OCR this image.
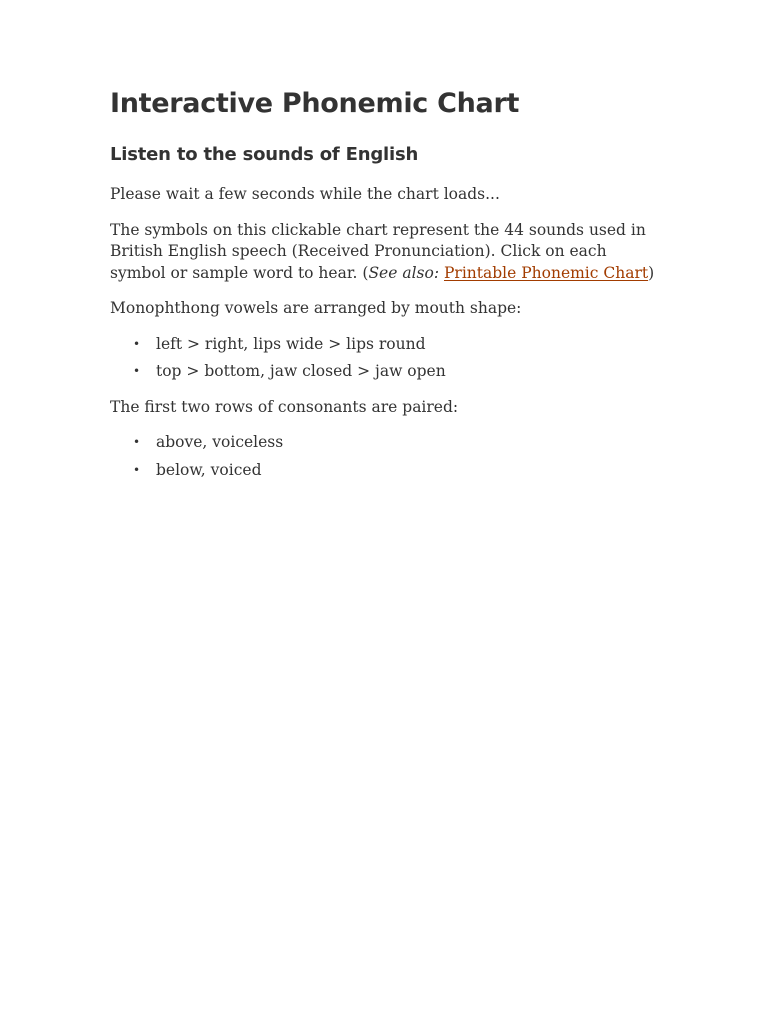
Interactive Phonemic Chart
Listen to the sounds of English

Please wait a few seconds while the chart loads...

The symbols on this clickable chart represent the 44 sounds used in British English speech (Received Pronunciation). Click on each symbol or sample word to hear. (See also: Printable Phonemic Chart)

Monophthong vowels are arranged by mouth shape:

• left > right, lips wide > lips round
• top > bottom, jaw closed > jaw open

The first two rows of consonants are paired:

• above, voiceless
• below, voiced
